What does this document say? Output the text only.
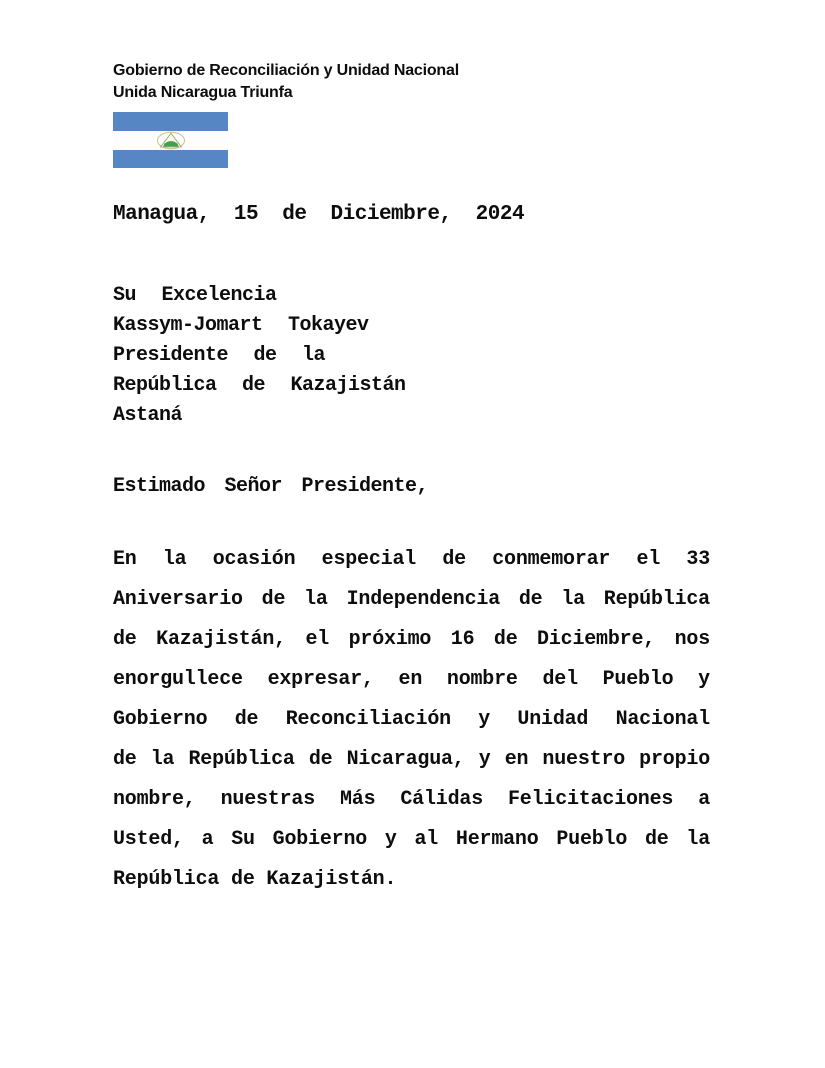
Gobierno de Reconciliación y Unidad Nacional
Unida Nicaragua Triunfa
Managua, 15 de Diciembre, 2024
Su Excelencia
Kassym-Jomart Tokayev
Presidente de la
República de Kazajistán
Astaná
Estimado Señor Presidente,
En la ocasión especial de conmemorar el 33
Aniversario de la Independencia de la República
de Kazajistán, el próximo 16 de Diciembre, nos
enorgullece expresar, en nombre del Pueblo y
Gobierno de Reconciliación y Unidad Nacional
de la República de Nicaragua, y en nuestro propio
nombre, nuestras Más Cálidas Felicitaciones a
Usted, a Su Gobierno y al Hermano Pueblo de la
República de Kazajistán.
